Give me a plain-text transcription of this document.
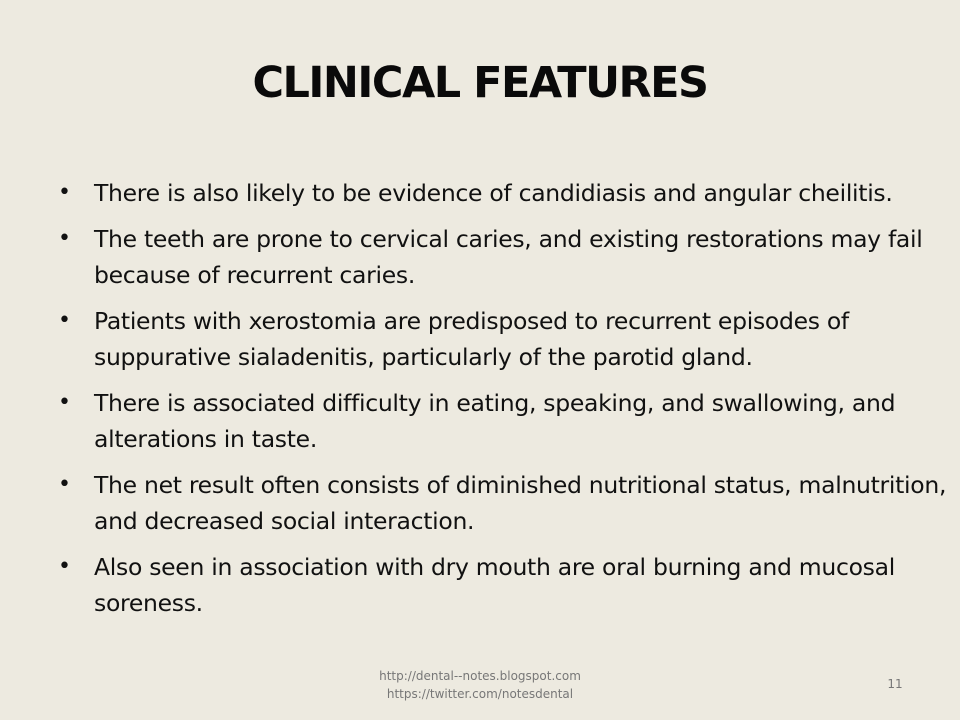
CLINICAL FEATURES
• There is also likely to be evidence of candidiasis and angular cheilitis.
• The teeth are prone to cervical caries, and existing restorations may fail because of recurrent caries.
• Patients with xerostomia are predisposed to recurrent episodes of suppurative sialadenitis, particularly of the parotid gland.
• There is associated difficulty in eating, speaking, and swallowing, and alterations in taste.
• The net result often consists of diminished nutritional status, malnutrition, and decreased social interaction.
• Also seen in association with dry mouth are oral burning and mucosal soreness.
http://dental--notes.blogspot.com
https://twitter.com/notesdental
11
